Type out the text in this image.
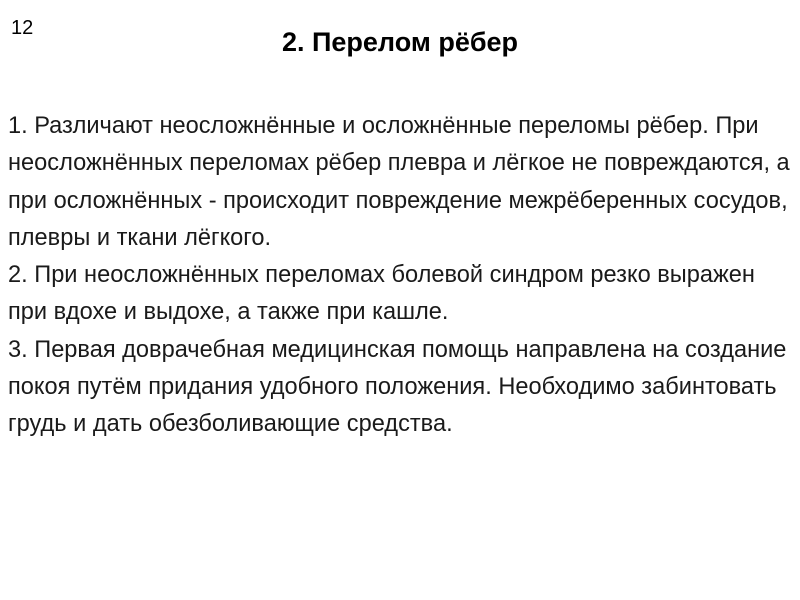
12	2. Перелом рёбер

1. Различают неосложнённые и осложнённые переломы рёбер. При неосложнённых переломах рёбер плевра и лёгкое не повреждаются, а при осложнённых - происходит повреждение межрёберенных сосудов, плевры и ткани лёгкого.

2. При неосложнённых переломах болевой синдром резко выражен при вдохе и выдохе, а также при кашле.

3. Первая доврачебная медицинская помощь направлена на создание покоя путём придания удобного положения. Необходимо забинтовать грудь и дать обезболивающие средства.
